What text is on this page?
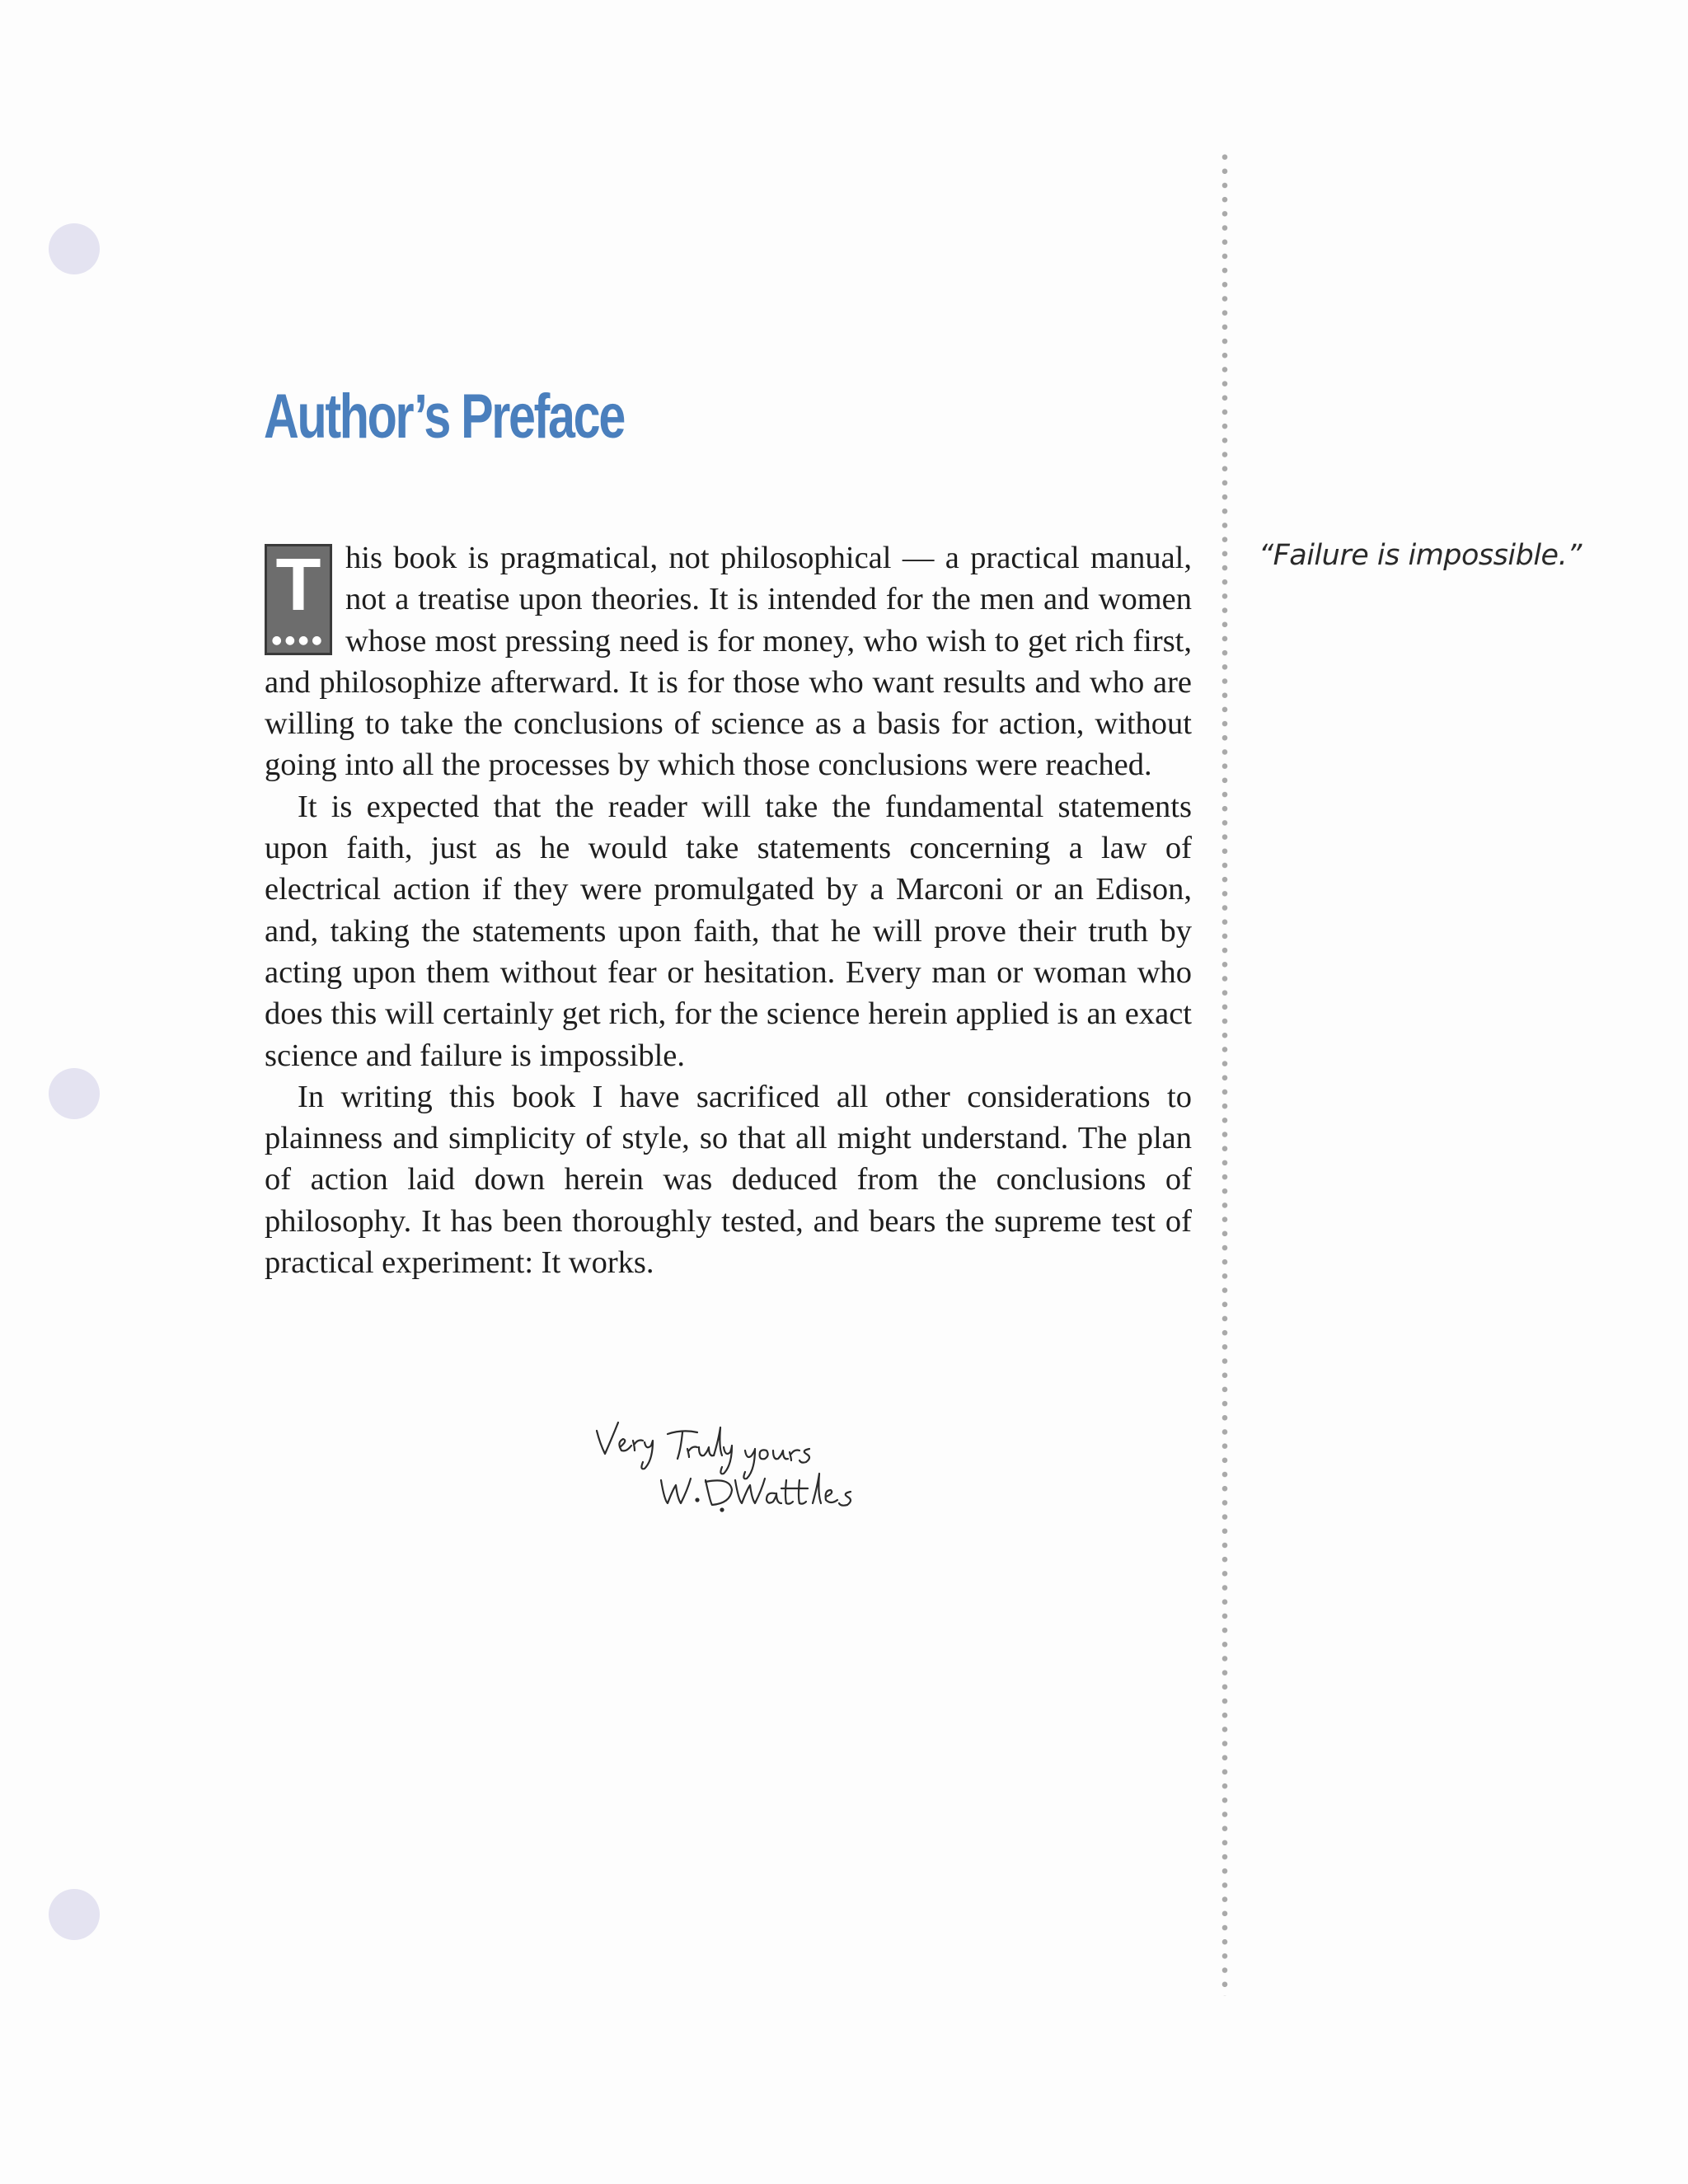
Author’s Preface

T
●●●●
his book is pragmatical, not philosophical — a practical manual, not a treatise upon theories. It is intended for the men and women whose most pressing need is for money, who wish to get rich first, and philosophize afterward. It is for those who want results and who are willing to take the conclusions of science as a basis for action, without going into all the processes by which those conclusions were reached.

It is expected that the reader will take the fundamental statements upon faith, just as he would take statements concerning a law of electrical action if they were promulgated by a Marconi or an Edison, and, taking the statements upon faith, that he will prove their truth by acting upon them without fear or hesitation. Every man or woman who does this will certainly get rich, for the science herein applied is an exact science and failure is impossible.

In writing this book I have sacrificed all other considerations to plainness and simplicity of style, so that all might understand. The plan of action laid down herein was deduced from the conclusions of philosophy. It has been thoroughly tested, and bears the supreme test of practical experiment: It works.

“Failure is impossible.”
